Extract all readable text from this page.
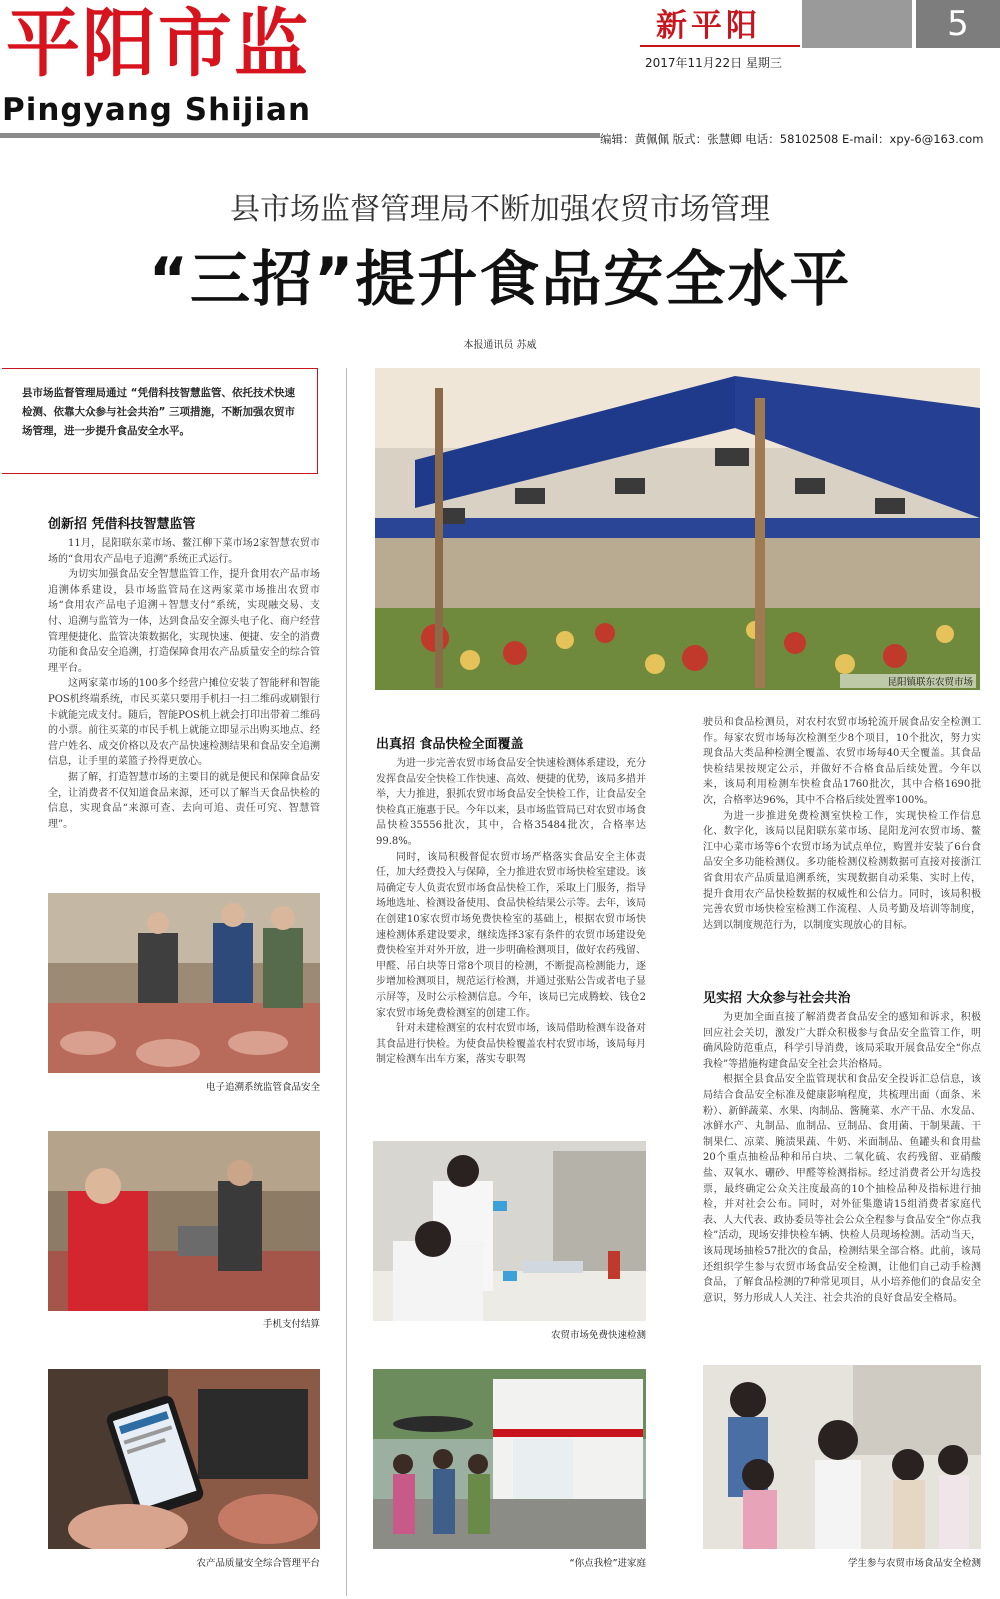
平阳市监
Pingyang Shijian
新平阳
2017年11月22日 星期三
5
编辑：黄佩佩 版式：张慧卿 电话：58102508 E-mail：xpy-6@163.com
县市场监督管理局不断加强农贸市场管理
“三招”提升食品安全水平
本报通讯员 苏威
县市场监督管理局通过 “凭借科技智慧监管、依托技术快速检测、依靠大众参与社会共治” 三项措施，不断加强农贸市场管理，进一步提升食品安全水平。
创新招 凭借科技智慧监管

11月，昆阳联东菜市场、鳌江柳下菜市场2家智慧农贸市场的“食用农产品电子追溯”系统正式运行。

为切实加强食品安全智慧监管工作，提升食用农产品市场追溯体系建设，县市场监管局在这两家菜市场推出农贸市场“食用农产品电子追溯＋智慧支付”系统，实现融交易、支付、追溯与监管为一体，达到食品安全源头电子化、商户经营管理便捷化、监管决策数据化，实现快速、便捷、安全的消费功能和食品安全追溯，打造保障食用农产品质量安全的综合管理平台。

这两家菜市场的100多个经营户摊位安装了智能秤和智能POS机终端系统，市民买菜只要用手机扫一扫二维码或刷银行卡就能完成支付。随后，智能POS机上就会打印出带着二维码的小票。前往买菜的市民手机上就能立即显示出购买地点、经营户姓名、成交价格以及农产品快速检测结果和食品安全追溯信息，让手里的菜篮子拎得更放心。

据了解，打造智慧市场的主要目的就是便民和保障食品安全，让消费者不仅知道食品来源，还可以了解当天食品快检的信息，实现食品“来源可查、去向可追、责任可究、智慧管理”。

出真招 食品快检全面覆盖

为进一步完善农贸市场食品安全快速检测体系建设，充分发挥食品安全快检工作快速、高效、便捷的优势，该局多措并举，大力推进，狠抓农贸市场食品安全快检工作，让食品安全快检真正施惠于民。今年以来，县市场监管局已对农贸市场食品快检35556批次，其中，合格35484批次，合格率达99.8%。

同时，该局积极督促农贸市场严格落实食品安全主体责任，加大经费投入与保障，全力推进农贸市场快检室建设。该局确定专人负责农贸市场食品快检工作，采取上门服务，指导场地选址、检测设备使用、食品快检结果公示等。去年，该局在创建10家农贸市场免费快检室的基础上，根据农贸市场快速检测体系建设要求，继续选择3家有条件的农贸市场建设免费快检室并对外开放，进一步明确检测项目，做好农药残留、甲醛、吊白块等日常8个项目的检测，不断提高检测能力，逐步增加检测项目，规范运行检测，并通过张贴公告或者电子显示屏等，及时公示检测信息。今年，该局已完成腾蛟、钱仓2家农贸市场免费检测室的创建工作。

针对未建检测室的农村农贸市场，该局借助检测车设备对其食品进行快检。为使食品快检覆盖农村农贸市场，该局每月制定检测车出车方案，落实专职驾

驶员和食品检测员，对农村农贸市场轮流开展食品安全检测工作。每家农贸市场每次检测至少8个项目，10个批次，努力实现食品大类品种检测全覆盖、农贸市场每40天全覆盖。其食品快检结果按规定公示，并做好不合格食品后续处置。今年以来，该局利用检测车快检食品1760批次，其中合格1690批次，合格率达96%，其中不合格后续处置率100%。

为进一步推进免费检测室快检工作，实现快检工作信息化、数字化，该局以昆阳联东菜市场、昆阳龙河农贸市场、鳌江中心菜市场等6个农贸市场为试点单位，购置并安装了6台食品安全多功能检测仪。多功能检测仪检测数据可直接对接浙江省食用农产品质量追溯系统，实现数据自动采集、实时上传，提升食用农产品快检数据的权威性和公信力。同时，该局积极完善农贸市场快检室检测工作流程、人员考勤及培训等制度，达到以制度规范行为，以制度实现放心的目标。

见实招 大众参与社会共治

为更加全面直接了解消费者食品安全的感知和诉求，积极回应社会关切，激发广大群众积极参与食品安全监管工作，明确风险防范重点，科学引导消费，该局采取开展食品安全“你点我检”等措施构建食品安全社会共治格局。

根据全县食品安全监管现状和食品安全投诉汇总信息，该局结合食品安全标准及健康影响程度，共梳理出面（面条、米粉）、新鲜蔬菜、水果、肉制品、酱腌菜、水产干品、水发品、冰鲜水产、丸制品、血制品、豆制品、食用菌、干制果蔬、干制果仁、凉菜、腌渍果蔬、牛奶、米面制品、鱼罐头和食用盐20个重点抽检品种和吊白块、二氧化硫、农药残留、亚硝酸盐、双氧水、硼砂、甲醛等检测指标。经过消费者公开勾选投票，最终确定公众关注度最高的10个抽检品种及指标进行抽检，并对社会公布。同时，对外征集邀请15组消费者家庭代表、人大代表、政协委员等社会公众全程参与食品安全“你点我检”活动，现场安排快检车辆、快检人员现场检测。活动当天，该局现场抽检57批次的食品，检测结果全部合格。此前，该局还组织学生参与农贸市场食品安全检测，让他们自己动手检测食品，了解食品检测的7种常见项目，从小培养他们的食品安全意识，努力形成人人关注、社会共治的良好食品安全格局。

昆阳镇联东农贸市场
电子追溯系统监管食品安全
手机支付结算
农产品质量安全综合管理平台
农贸市场免费快速检测
“你点我检”进家庭	学生参与农贸市场食品安全检测
